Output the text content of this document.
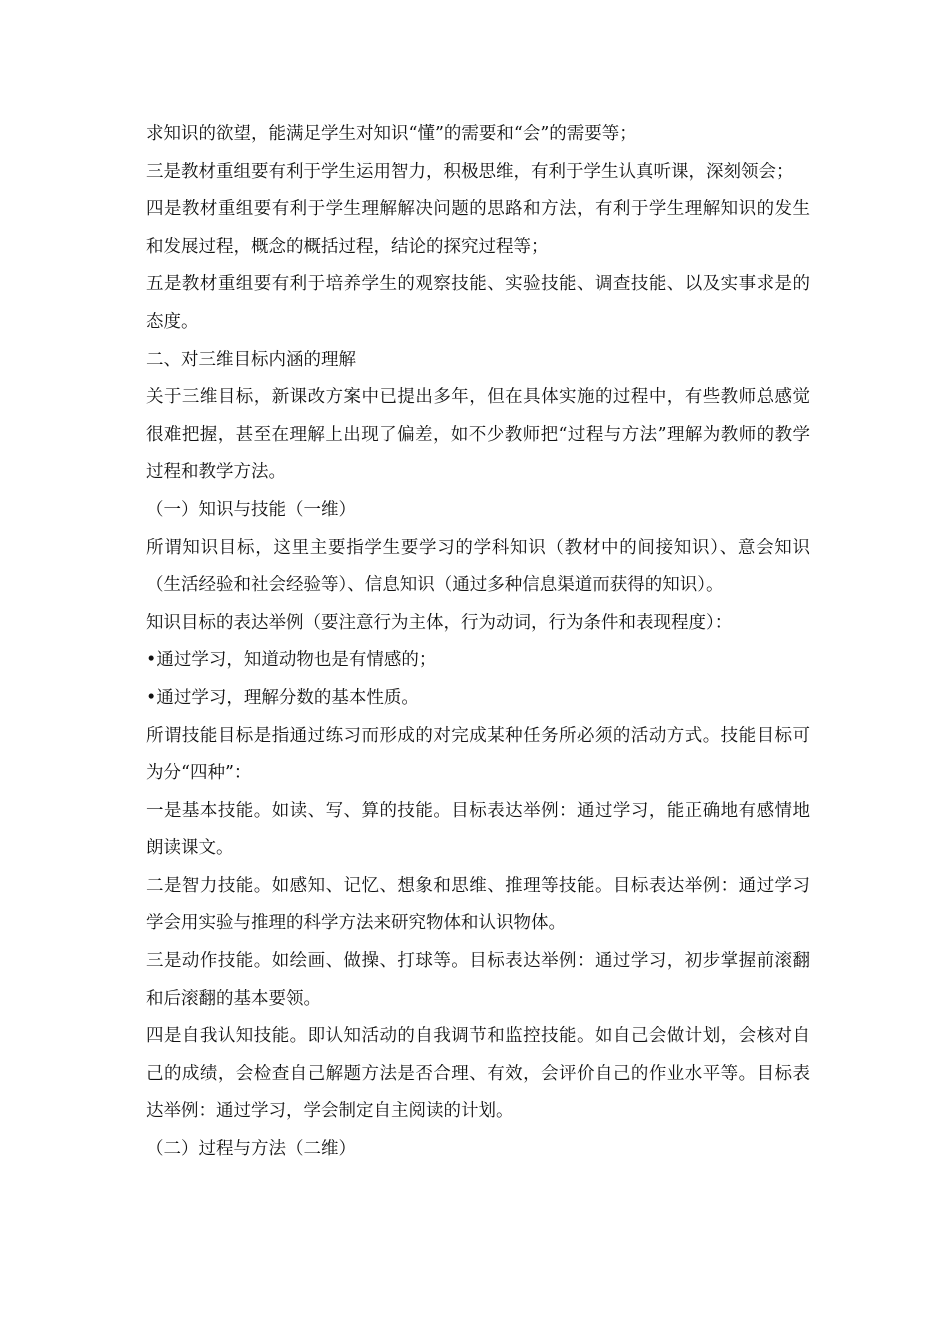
求知识的欲望，能满足学生对知识“懂”的需要和“会”的需要等；

三是教材重组要有利于学生运用智力，积极思维，有利于学生认真听课，深刻领会；

四是教材重组要有利于学生理解解决问题的思路和方法，有利于学生理解知识的发生和发展过程，概念的概括过程，结论的探究过程等；

五是教材重组要有利于培养学生的观察技能、实验技能、调查技能、以及实事求是的态度。

二、对三维目标内涵的理解

关于三维目标，新课改方案中已提出多年，但在具体实施的过程中，有些教师总感觉很难把握，甚至在理解上出现了偏差，如不少教师把“过程与方法”理解为教师的教学过程和教学方法。

（一）知识与技能（一维）

所谓知识目标，这里主要指学生要学习的学科知识（教材中的间接知识）、意会知识（生活经验和社会经验等）、信息知识（通过多种信息渠道而获得的知识）。

知识目标的表达举例（要注意行为主体，行为动词，行为条件和表现程度）：

•通过学习，知道动物也是有情感的；

•通过学习，理解分数的基本性质。

所谓技能目标是指通过练习而形成的对完成某种任务所必须的活动方式。技能目标可为分“四种”：

一是基本技能。如读、写、算的技能。目标表达举例：通过学习，能正确地有感情地朗读课文。

二是智力技能。如感知、记忆、想象和思维、推理等技能。目标表达举例：通过学习学会用实验与推理的科学方法来研究物体和认识物体。

三是动作技能。如绘画、做操、打球等。目标表达举例：通过学习，初步掌握前滚翻和后滚翻的基本要领。

四是自我认知技能。即认知活动的自我调节和监控技能。如自己会做计划，会核对自己的成绩，会检查自己解题方法是否合理、有效，会评价自己的作业水平等。目标表达举例：通过学习，学会制定自主阅读的计划。

（二）过程与方法（二维）
